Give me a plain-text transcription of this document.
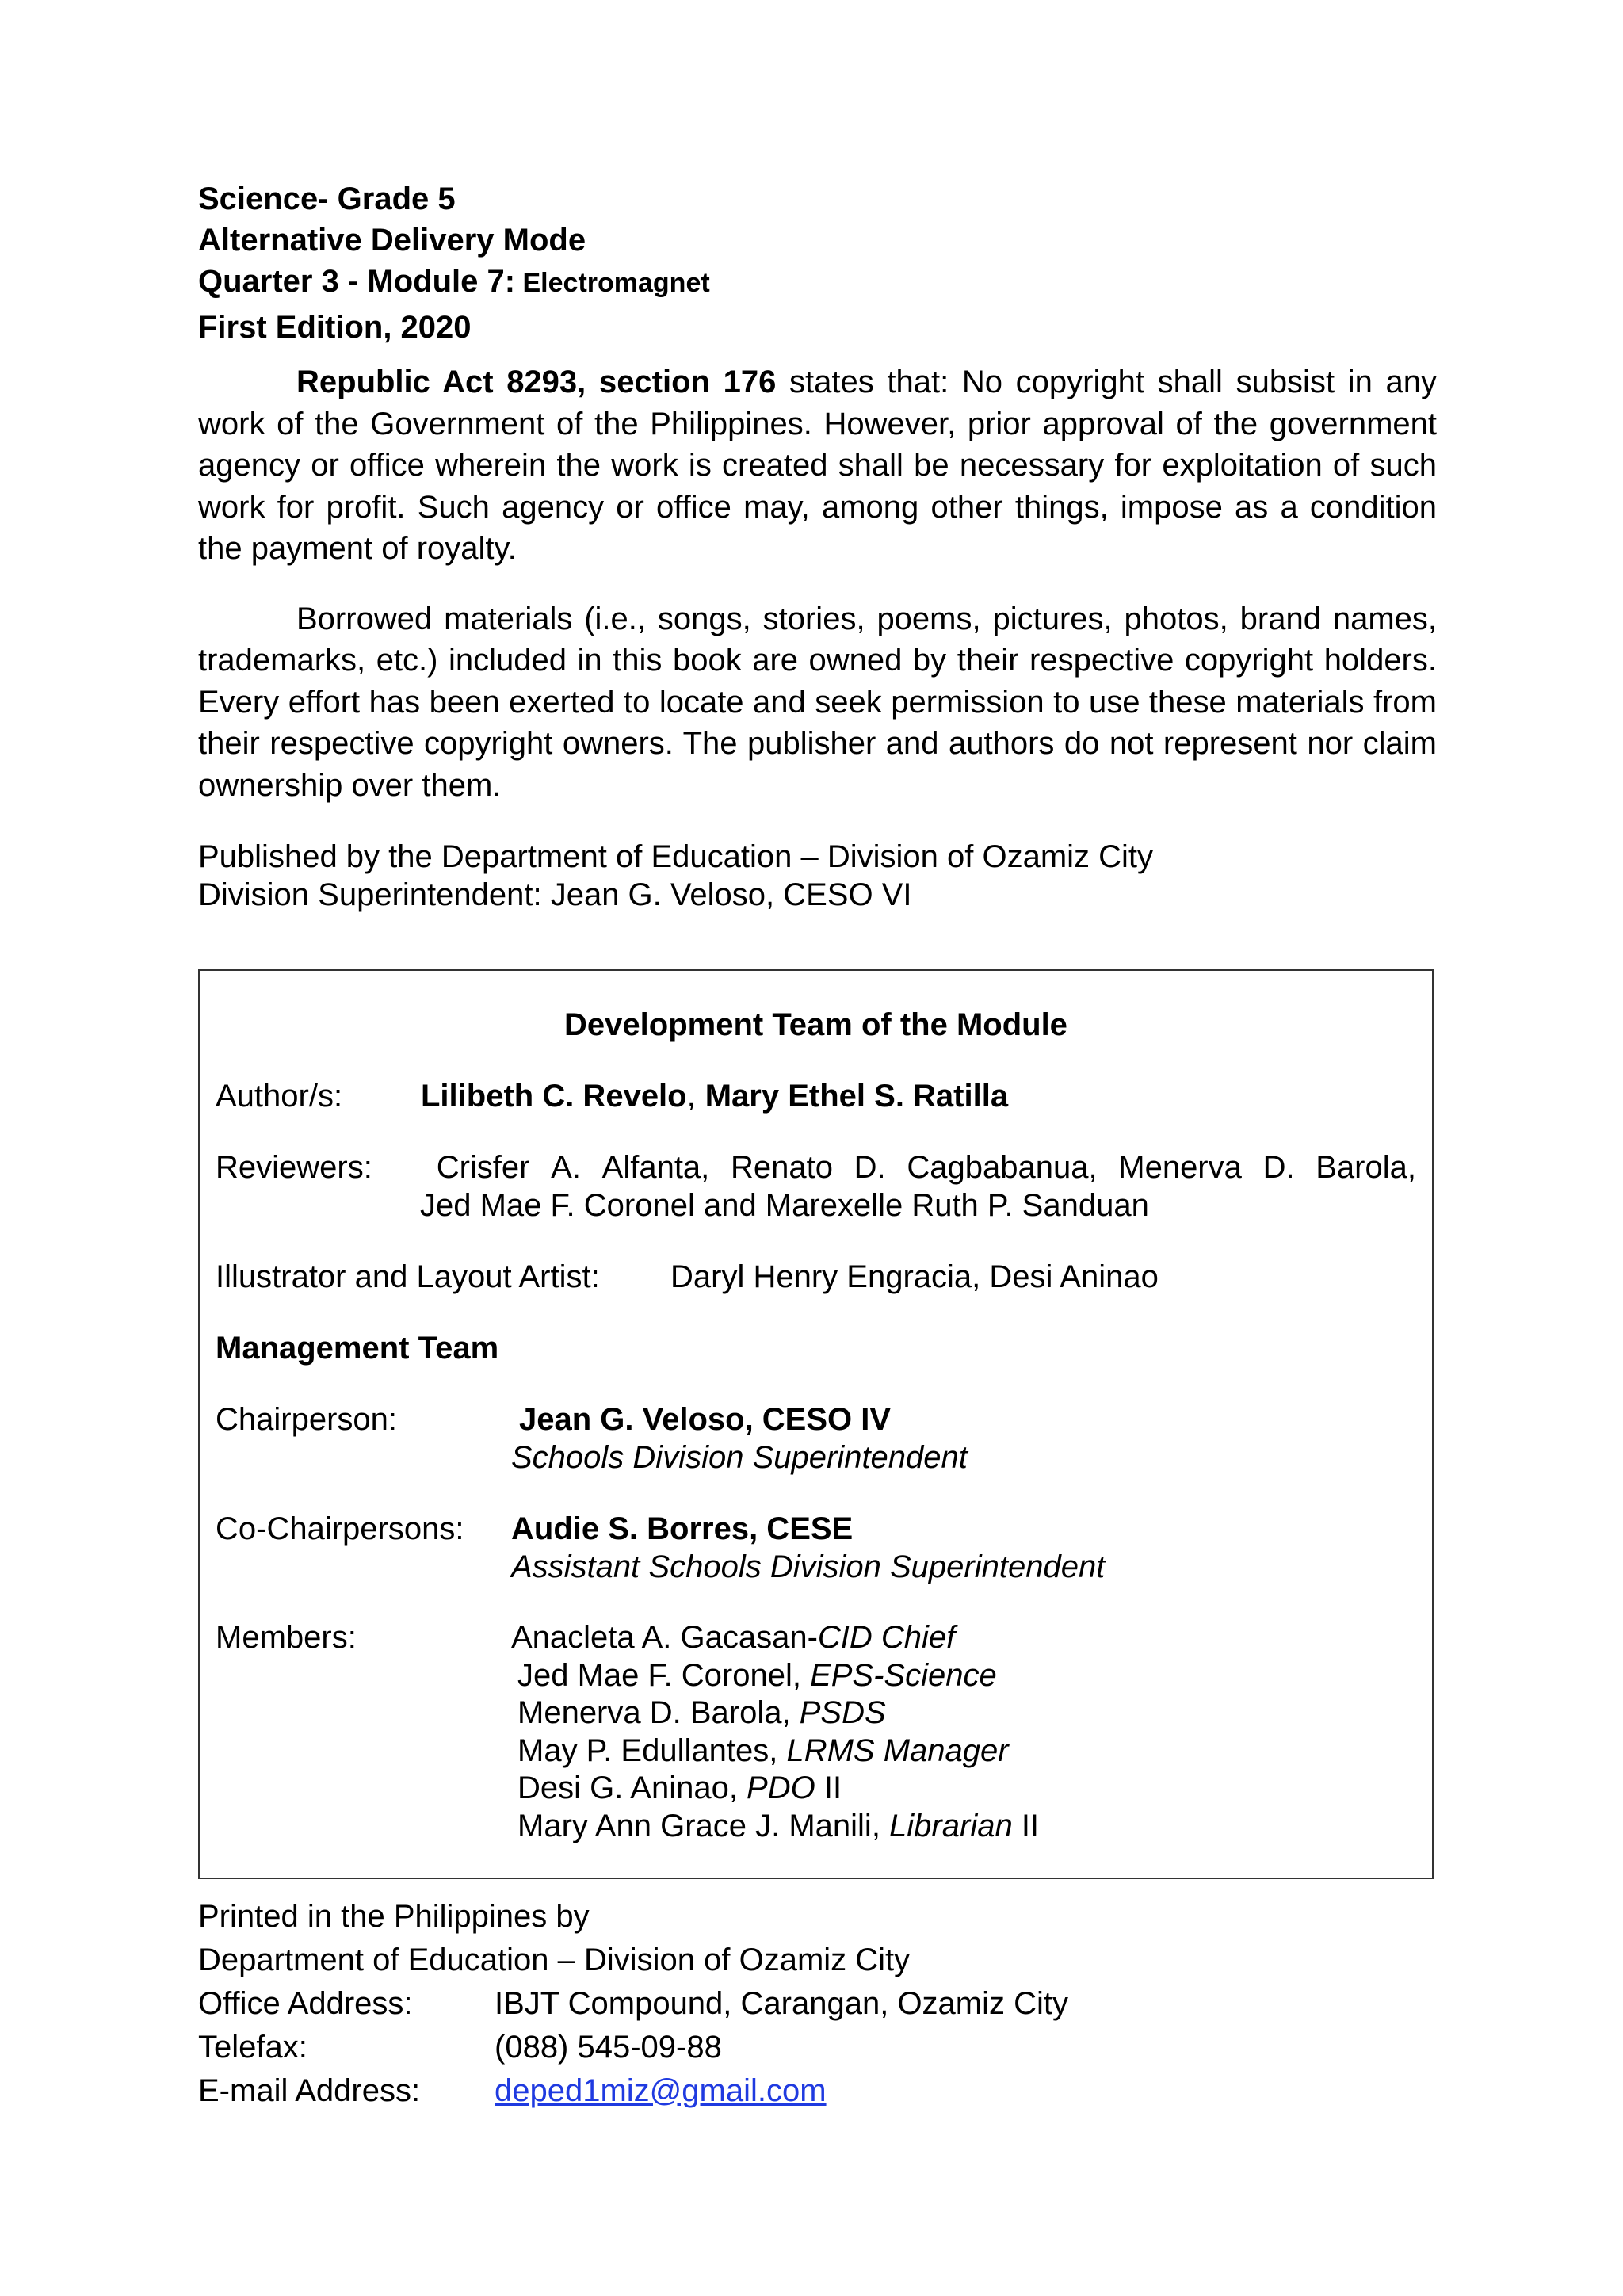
Science- Grade 5
Alternative Delivery Mode
Quarter 3 - Module 7: Electromagnet
First Edition, 2020
Republic Act 8293, section 176 states that: No copyright shall subsist in any work of the Government of the Philippines. However, prior approval of the government agency or office wherein the work is created shall be necessary for exploitation of such work for profit. Such agency or office may, among other things, impose as a condition the payment of royalty.
Borrowed materials (i.e., songs, stories, poems, pictures, photos, brand names, trademarks, etc.) included in this book are owned by their respective copyright holders. Every effort has been exerted to locate and seek permission to use these materials from their respective copyright owners. The publisher and authors do not represent nor claim ownership over them.
Published by the Department of Education – Division of Ozamiz City
Division Superintendent: Jean G. Veloso, CESO VI
Development Team of the Module
Author/s:	Lilibeth C. Revelo , Mary Ethel S. Ratilla
Reviewers:	Crisfer A. Alfanta, Renato D. Cagbabanua, Menerva D. Barola,
Jed Mae F. Coronel and Marexelle Ruth P. Sanduan
Illustrator and Layout Artist:	Daryl Henry Engracia, Desi Aninao
Management Team
Chairperson:	Jean G. Veloso, CESO IV
Schools Division Superintendent
Co-Chairpersons:	Audie S. Borres, CESE
Assistant Schools Division Superintendent
Members:	Anacleta A. Gacasan-CID Chief
Jed Mae F. Coronel, EPS-Science
Menerva D. Barola, PSDS
May P. Edullantes, LRMS Manager
Desi G. Aninao, PDO II
Mary Ann Grace J. Manili, Librarian II
Printed in the Philippines by
Department of Education – Division of Ozamiz City
Office Address:	IBJT Compound, Carangan, Ozamiz City
Telefax:	(088) 545-09-88
E-mail Address:	deped1miz@gmail.com
